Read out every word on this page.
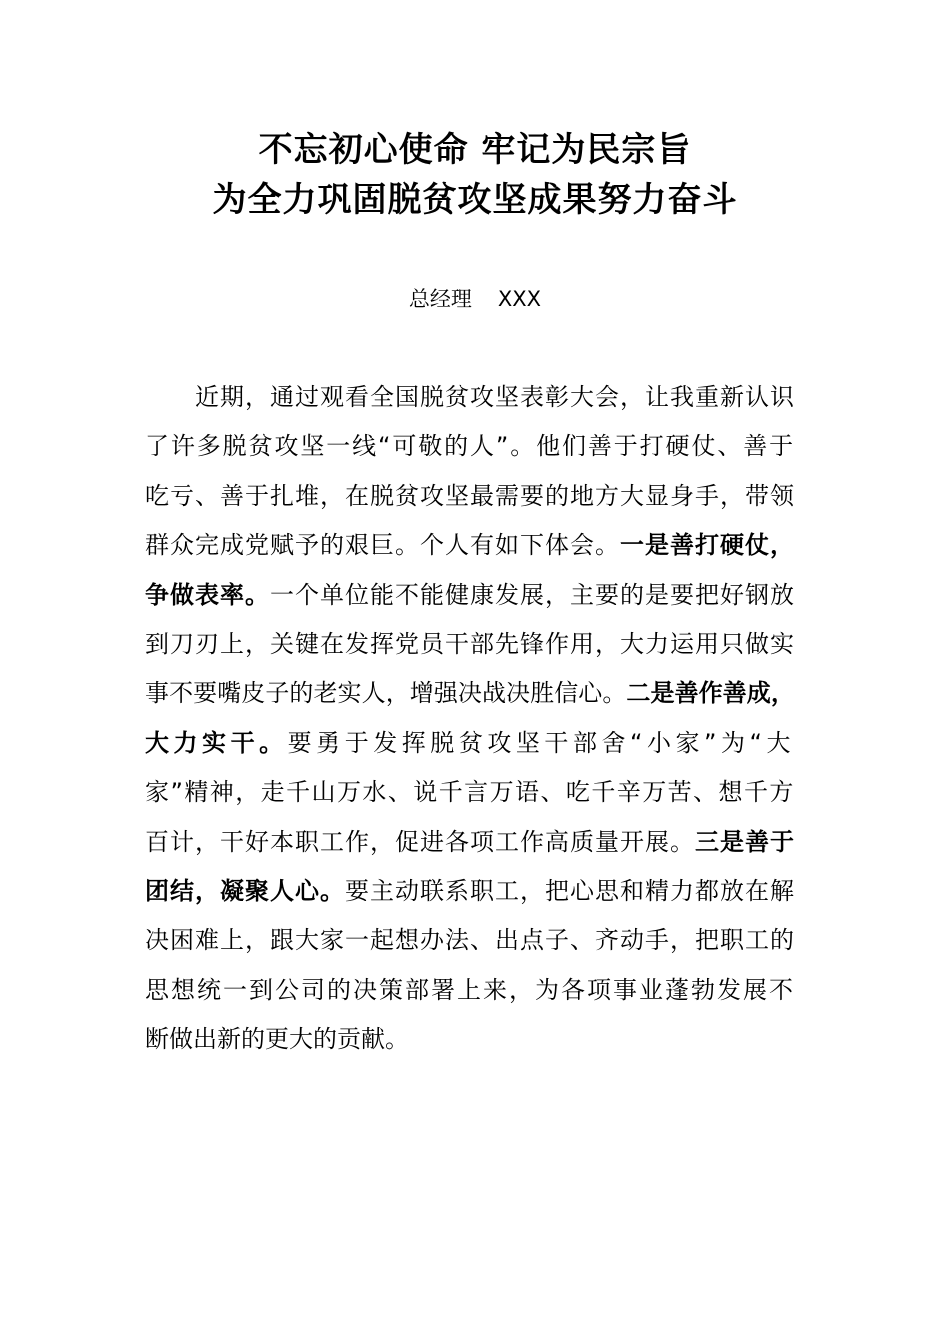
不忘初心使命 牢记为民宗旨
为全力巩固脱贫攻坚成果努力奋斗
总经理 XXX
近期，通过观看全国脱贫攻坚表彰大会，让我重新认识
了许多脱贫攻坚一线“可敬的人”。他们善于打硬仗、善于
吃亏、善于扎堆，在脱贫攻坚最需要的地方大显身手，带领
群众完成党赋予的艰巨。个人有如下体会。一是善打硬仗，
争做表率。一个单位能不能健康发展，主要的是要把好钢放
到刀刃上，关键在发挥党员干部先锋作用，大力运用只做实
事不要嘴皮子的老实人，增强决战决胜信心。二是善作善成，
大力实干。要勇于发挥脱贫攻坚干部舍“小家”为“大
家”精神，走千山万水、说千言万语、吃千辛万苦、想千方
百计，干好本职工作，促进各项工作高质量开展。三是善于
团结，凝聚人心。要主动联系职工，把心思和精力都放在解
决困难上，跟大家一起想办法、出点子、齐动手，把职工的
思想统一到公司的决策部署上来，为各项事业蓬勃发展不
断做出新的更大的贡献。
